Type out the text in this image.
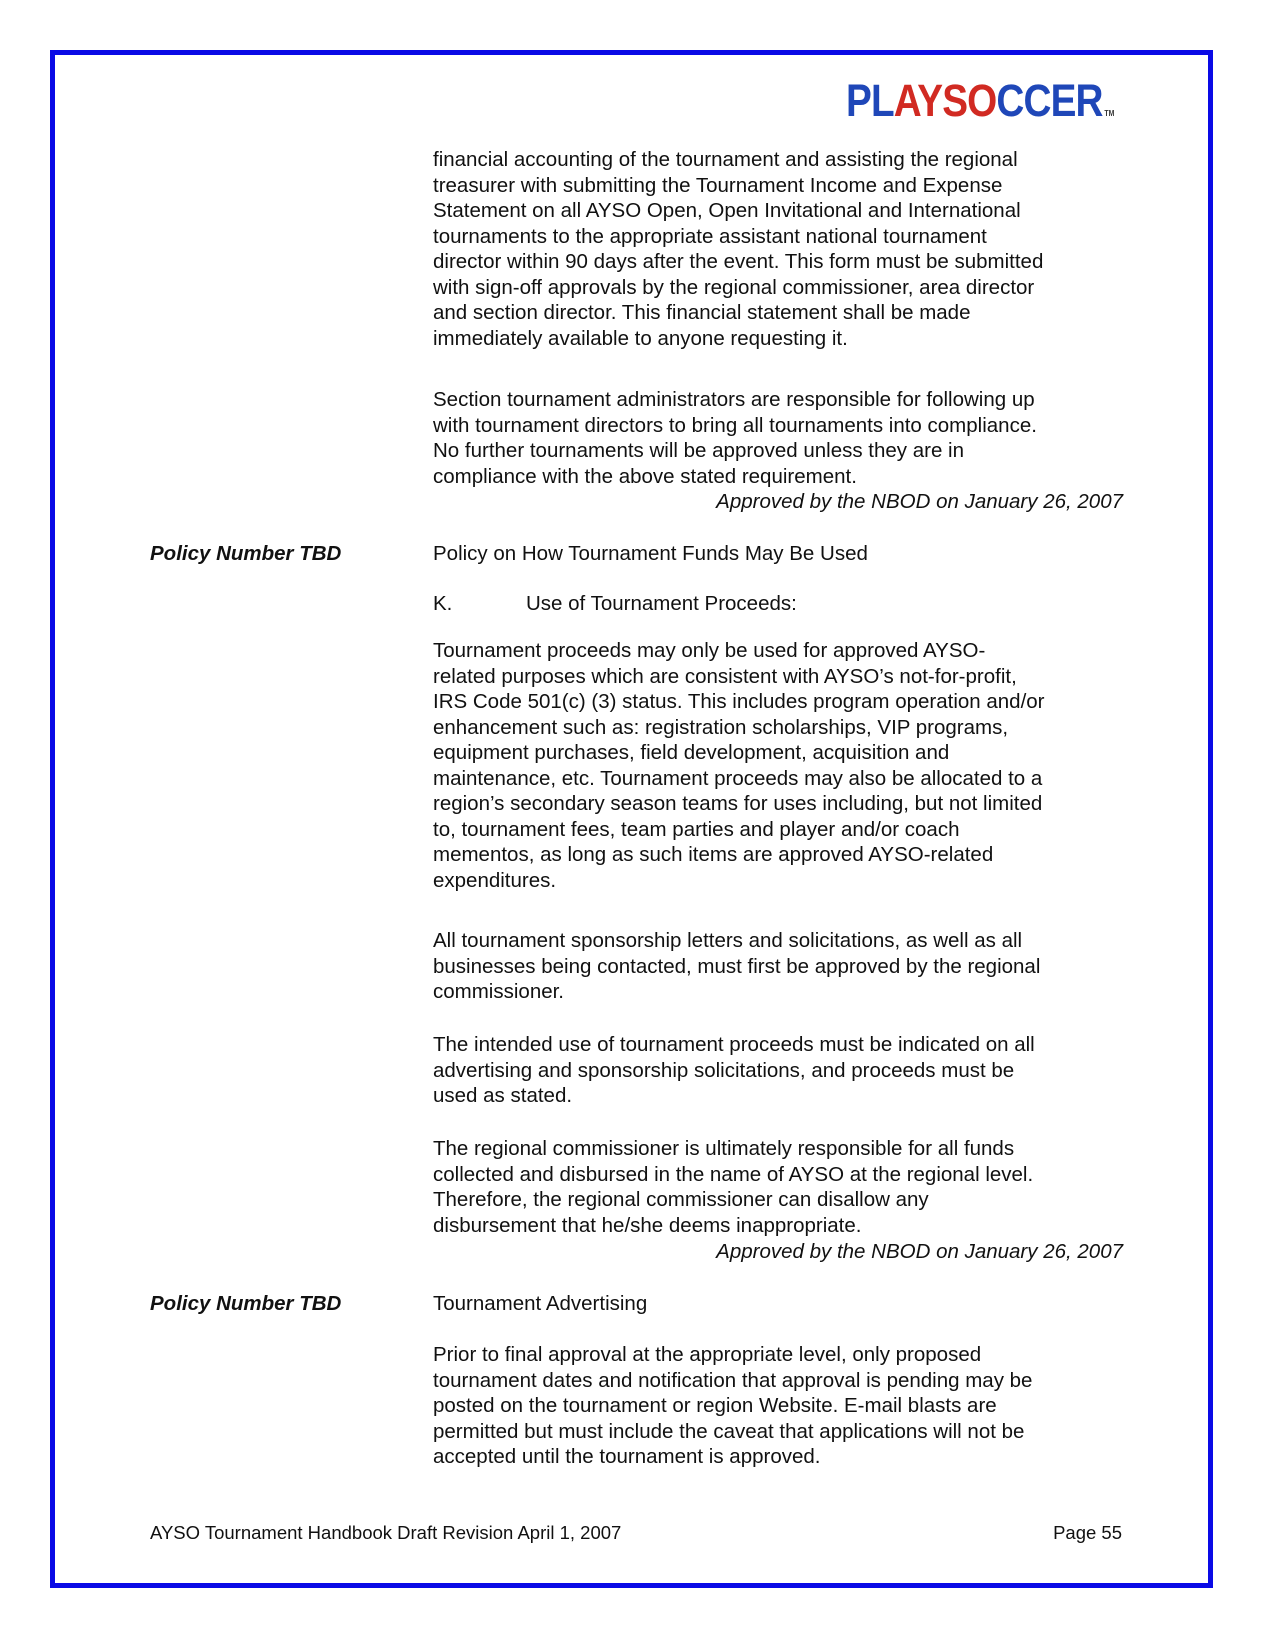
PLAYSOCCER TM
financial accounting of the tournament and assisting the regional
treasurer with submitting the Tournament Income and Expense
Statement on all AYSO Open, Open Invitational and International
tournaments to the appropriate assistant national tournament
director within 90 days after the event. This form must be submitted
with sign-off approvals by the regional commissioner, area director
and section director. This financial statement shall be made
immediately available to anyone requesting it.
Section tournament administrators are responsible for following up
with tournament directors to bring all tournaments into compliance.
No further tournaments will be approved unless they are in
compliance with the above stated requirement.
Approved by the NBOD on January 26, 2007
Policy Number TBD	Policy on How Tournament Funds May Be Used
K.	Use of Tournament Proceeds:
Tournament proceeds may only be used for approved AYSO-
related purposes which are consistent with AYSO’s not-for-profit,
IRS Code 501(c) (3) status. This includes program operation and/or
enhancement such as: registration scholarships, VIP programs,
equipment purchases, field development, acquisition and
maintenance, etc. Tournament proceeds may also be allocated to a
region’s secondary season teams for uses including, but not limited
to, tournament fees, team parties and player and/or coach
mementos, as long as such items are approved AYSO-related
expenditures.
All tournament sponsorship letters and solicitations, as well as all
businesses being contacted, must first be approved by the regional
commissioner.
The intended use of tournament proceeds must be indicated on all
advertising and sponsorship solicitations, and proceeds must be
used as stated.
The regional commissioner is ultimately responsible for all funds
collected and disbursed in the name of AYSO at the regional level.
Therefore, the regional commissioner can disallow any
disbursement that he/she deems inappropriate.
Approved by the NBOD on January 26, 2007
Policy Number TBD	Tournament Advertising
Prior to final approval at the appropriate level, only proposed
tournament dates and notification that approval is pending may be
posted on the tournament or region Website. E-mail blasts are
permitted but must include the caveat that applications will not be
accepted until the tournament is approved.
AYSO Tournament Handbook Draft Revision April 1, 2007	Page 55
